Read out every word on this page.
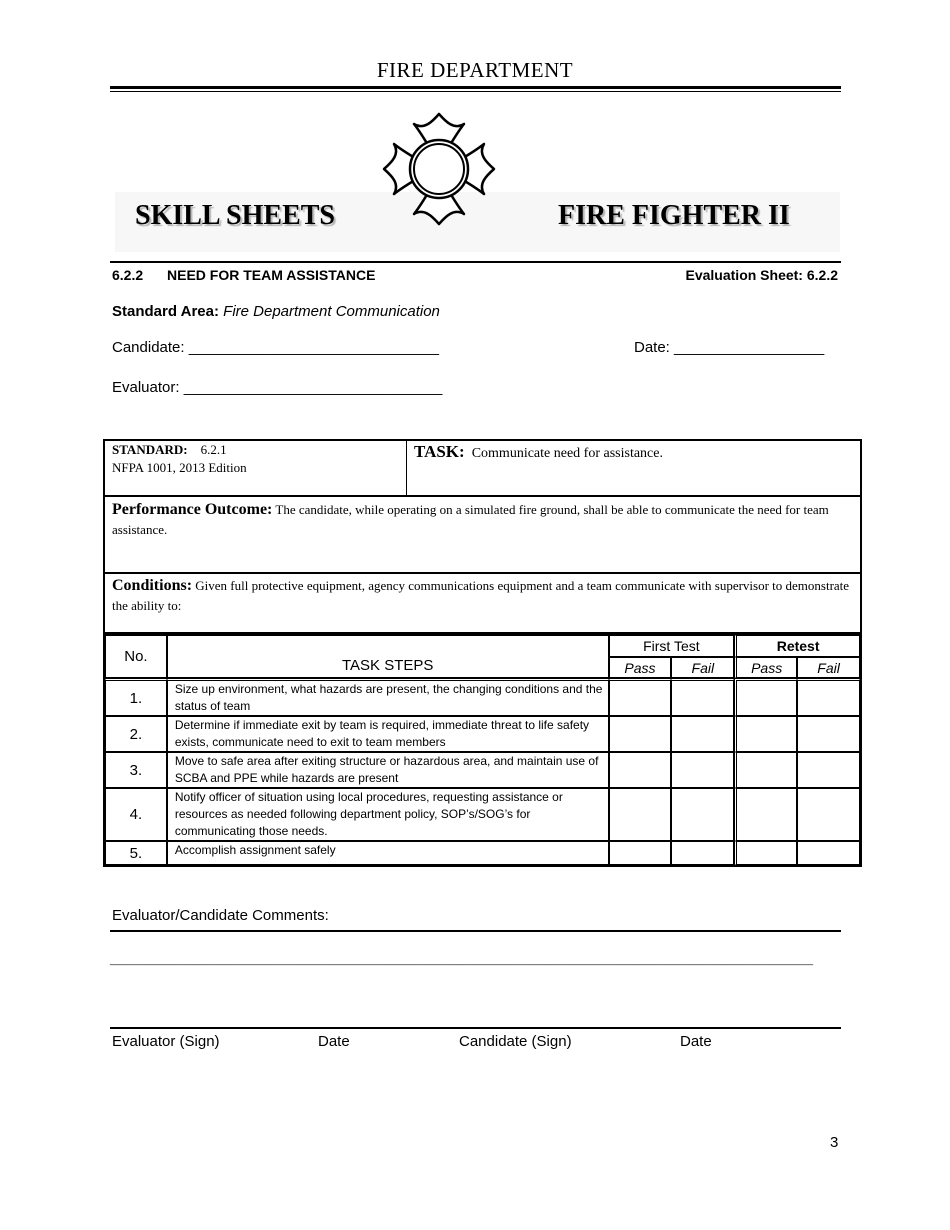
FIRE DEPARTMENT
SKILL SHEETS	FIRE FIGHTER II
6.2.2 NEED FOR TEAM ASSISTANCE	Evaluation Sheet: 6.2.2
Standard Area: Fire Department Communication
Candidate: ______________________________	Date: __________________
Evaluator: _______________________________
STANDARD: 6.2.1
NFPA 1001, 2013 Edition
TASK: Communicate need for assistance.
Performance Outcome: The candidate, while operating on a simulated fire ground, shall be able to communicate the need for team assistance.
Conditions: Given full protective equipment, agency communications equipment and a team communicate with supervisor to demonstrate the ability to:
No.	TASK STEPS	First Test		Retest	
		Pass	Fail	Pass	Fail
1.	Size up environment, what hazards are present, the changing conditions and the status of team				
2.	Determine if immediate exit by team is required, immediate threat to life safety exists, communicate need to exit to team members				
3.	Move to safe area after exiting structure or hazardous area, and maintain use of SCBA and PPE while hazards are present				
4.	Notify officer of situation using local procedures, requesting assistance or resources as needed following department policy, SOP’s/SOG’s for communicating those needs.				
5.	Accomplish assignment safely				
Evaluator/Candidate Comments:
_______________________________________________________________________________
Evaluator (Sign)	Date	Candidate (Sign)	Date
3
